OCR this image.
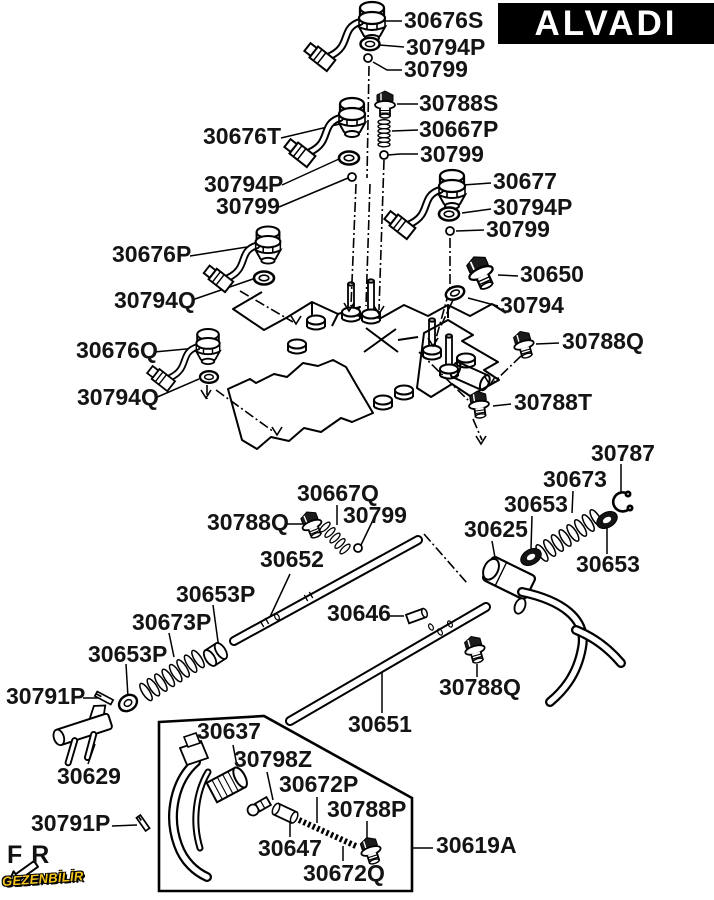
30676S
30794P
30799
30788S
30667P
30799
30676T
30794P
30799
30677
30794P
30799
30676P
30794Q
30650
30794
30676Q
30794Q
30788Q
30788T
30787
30673
30653
30625
30653
30667Q
30788Q 30799
30652
30653P
30673P
30653P
30646
30791P	30788Q
30651
30629
30637
30798Z
30672P
30788P
30647
30672Q
30619A
30791P
ALVADI
FR
GEZENBİLİR
